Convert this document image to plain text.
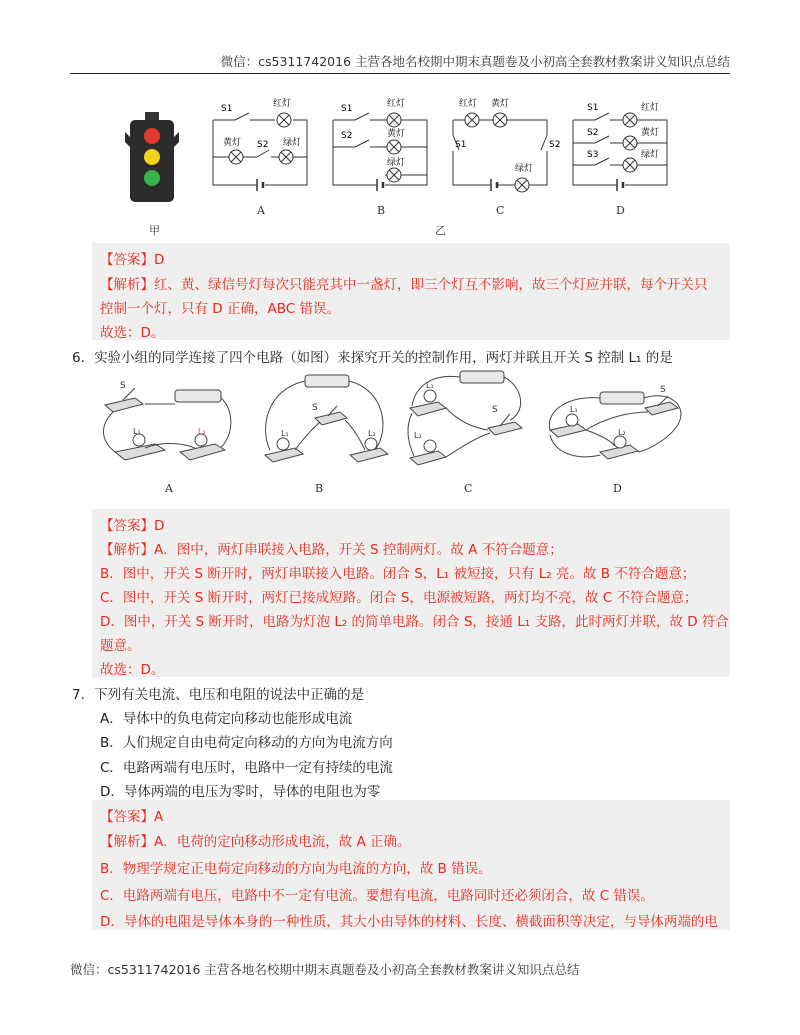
微信：cs5311742016 主营各地名校期中期末真题卷及小初高全套教材教案讲义知识点总结
甲
S1	红灯
黄灯 S2 绿灯
A
S1	红灯
S2	黄灯
绿灯
B
红灯 黄灯
S1	S2
绿灯
C
S1	红灯
S2	黄灯
S3	绿灯
D
乙
【答案】D
【解析】红、黄、绿信号灯每次只能亮其中一盏灯，即三个灯互不影响，故三个灯应并联，每个开关只
控制一个灯，只有 D 正确，ABC 错误。
故选：D。
6．实验小组的同学连接了四个电路（如图）来探究开关的控制作用，两灯并联且开关 S 控制 L₁ 的是
S
L₁	L₂
A
S
L₁	L₂
B
L₁
S
L₂
C
L₁
S
L₂
D
【答案】D
【解析】A．图中，两灯串联接入电路，开关 S 控制两灯。故 A 不符合题意；
B．图中，开关 S 断开时，两灯串联接入电路。闭合 S，L₁ 被短接，只有 L₂ 亮。故 B 不符合题意；
C．图中，开关 S 断开时，两灯已接成短路。闭合 S，电源被短路，两灯均不亮，故 C 不符合题意；
D．图中，开关 S 断开时，电路为灯泡 L₂ 的简单电路。闭合 S，接通 L₁ 支路，此时两灯并联，故 D 符合
题意。
故选：D。
7．下列有关电流、电压和电阻的说法中正确的是
A．导体中的负电荷定向移动也能形成电流
B．人们规定自由电荷定向移动的方向为电流方向
C．电路两端有电压时，电路中一定有持续的电流
D．导体两端的电压为零时，导体的电阻也为零
【答案】A
【解析】A．电荷的定向移动形成电流，故 A 正确。
B．物理学规定正电荷定向移动的方向为电流的方向，故 B 错误。
C．电路两端有电压，电路中不一定有电流。要想有电流，电路同时还必须闭合，故 C 错误。
D．导体的电阻是导体本身的一种性质，其大小由导体的材料、长度、横截面积等决定，与导体两端的电
微信：cs5311742016 主营各地名校期中期末真题卷及小初高全套教材教案讲义知识点总结
